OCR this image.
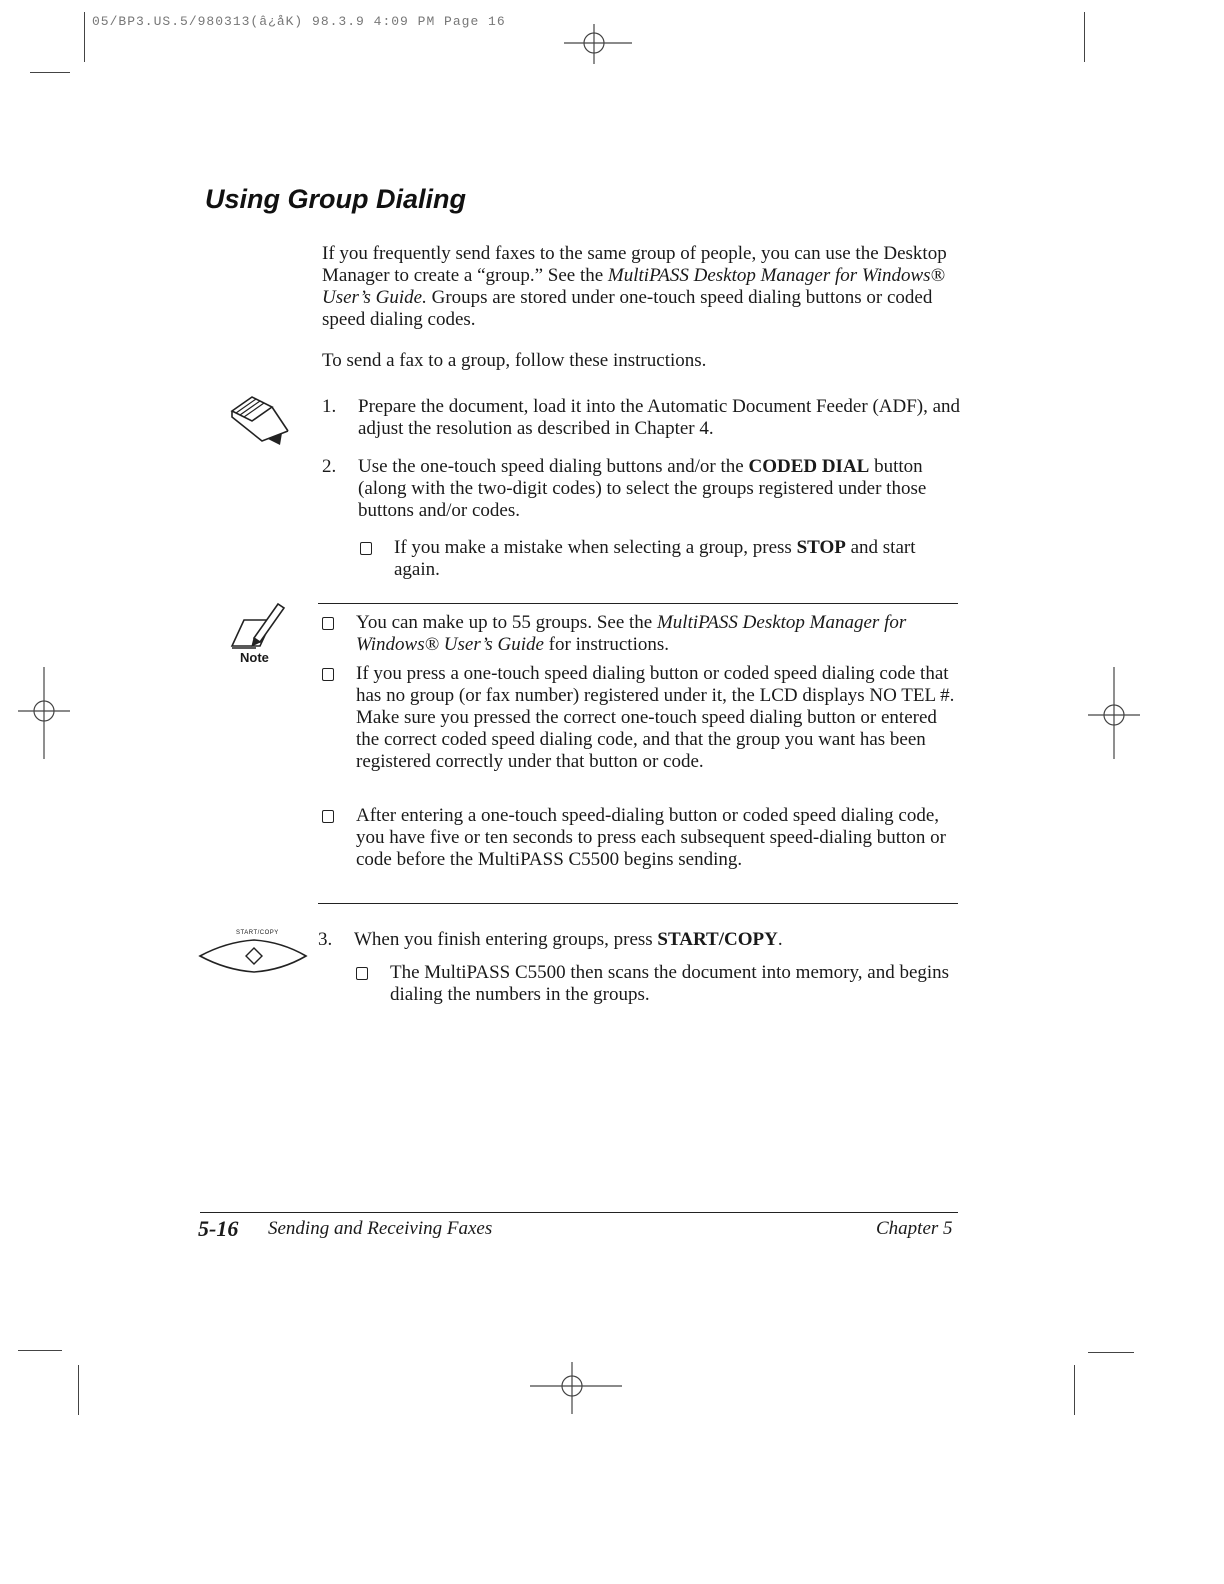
05/BP3.US.5/980313(â¿åK) 98.3.9 4:09 PM Page 16
Using Group Dialing
If you frequently send faxes to the same group of people, you can use the Desktop Manager to create a “group.” See the MultiPASS Desktop Manager for Windows® User’s Guide. Groups are stored under one-touch speed dialing buttons or coded speed dialing codes.
To send a fax to a group, follow these instructions.
1. Prepare the document, load it into the Automatic Document Feeder (ADF), and adjust the resolution as described in Chapter 4.
2. Use the one-touch speed dialing buttons and/or the CODED DIAL button (along with the two-digit codes) to select the groups registered under those buttons and/or codes.
If you make a mistake when selecting a group, press STOP and start again.
Note
You can make up to 55 groups. See the MultiPASS Desktop Manager for Windows® User’s Guide for instructions.
If you press a one-touch speed dialing button or coded speed dialing code that has no group (or fax number) registered under it, the LCD displays NO TEL #. Make sure you pressed the correct one-touch speed dialing button or entered the correct coded speed dialing code, and that the group you want has been registered correctly under that button or code.
After entering a one-touch speed-dialing button or coded speed dialing code, you have five or ten seconds to press each subsequent speed-dialing button or code before the MultiPASS C5500 begins sending.
START/COPY 3. When you finish entering groups, press START/COPY.
The MultiPASS C5500 then scans the document into memory, and begins dialing the numbers in the groups.
5-16 Sending and Receiving Faxes	Chapter 5
